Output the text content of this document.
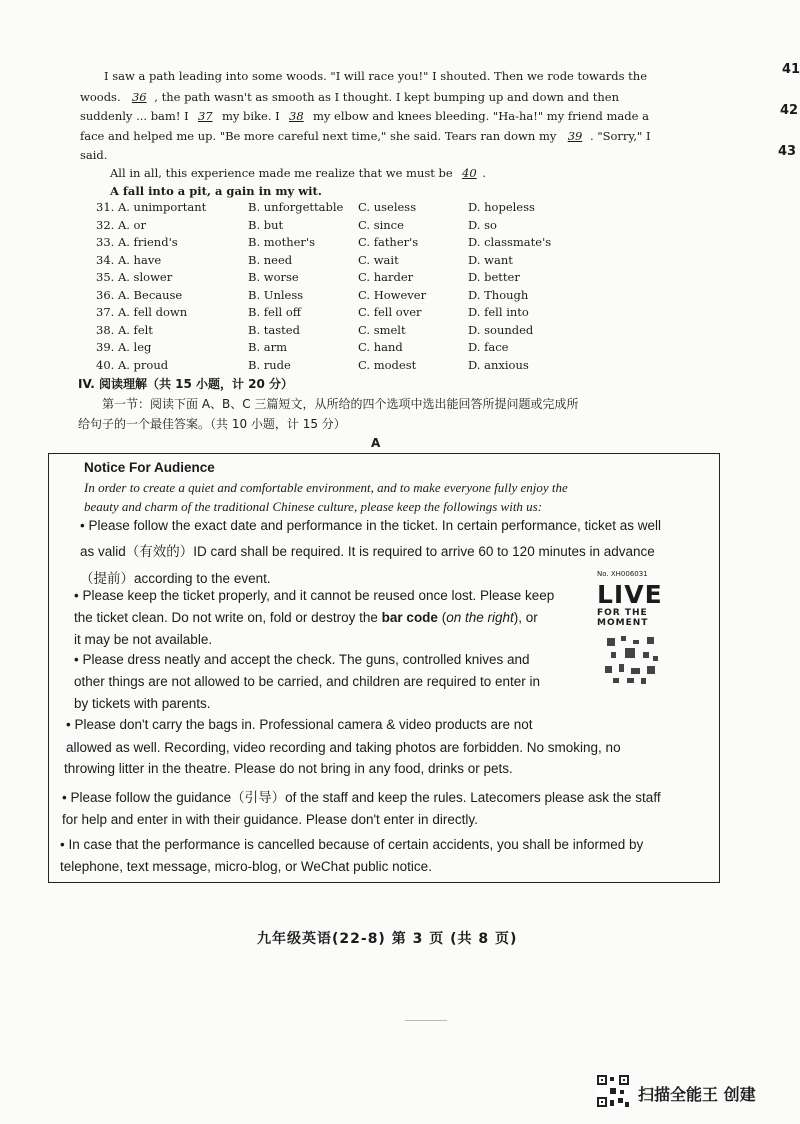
I saw a path leading into some woods. "I will race you!" I shouted. Then we rode towards the
woods. 36 , the path wasn't as smooth as I thought. I kept bumping up and down and then
suddenly ... bam! I 37 my bike. I 38 my elbow and knees bleeding. "Ha-ha!" my friend made a
face and helped me up. "Be more careful next time," she said. Tears ran down my 39 . "Sorry," I
said.
All in all, this experience made me realize that we must be 40 .
A fall into a pit, a gain in my wit.
31. A. unimportant	B. unforgettable C. useless	D. hopeless
32. A. or	B. but	C. since	D. so
33. A. friend's	B. mother's	C. father's	D. classmate's
34. A. have	B. need	C. wait	D. want
35. A. slower	B. worse	C. harder	D. better
36. A. Because	B. Unless	C. However	D. Though
37. A. fell down	B. fell off	C. fell over	D. fell into
38. A. felt	B. tasted	C. smelt	D. sounded
39. A. leg	B. arm	C. hand	D. face
40. A. proud	B. rude	C. modest	D. anxious
IV. 阅读理解（共 15 小题，计 20 分）
第一节：阅读下面 A、B、C 三篇短文，从所给的四个选项中选出能回答所提问题或完成所
给句子的一个最佳答案。（共 10 小题，计 15 分）
A
Notice For Audience
In order to create a quiet and comfortable environment, and to make everyone fully enjoy the
beauty and charm of the traditional Chinese culture, please keep the followings with us:
• Please follow the exact date and performance in the ticket. In certain performance, ticket as well
as valid（有效的）ID card shall be required. It is required to arrive 60 to 120 minutes in advance
（提前）according to the event.
• Please keep the ticket properly, and it cannot be reused once lost. Please keep
the ticket clean. Do not write on, fold or destroy the bar code (on the right), or
it may be not available.
• Please dress neatly and accept the check. The guns, controlled knives and
other things are not allowed to be carried, and children are required to enter in
by tickets with parents.
• Please don't carry the bags in. Professional camera & video products are not
allowed as well. Recording, video recording and taking photos are forbidden. No smoking, no
throwing litter in the theatre. Please do not bring in any food, drinks or pets.
• Please follow the guidance（引导）of the staff and keep the rules. Latecomers please ask the staff
for help and enter in with their guidance. Please don't enter in directly.
• In case that the performance is cancelled because of certain accidents, you shall be informed by
telephone, text message, micro-blog, or WeChat public notice.
No. XH006031
LIVE
FOR THE
MOMENT
九年级英语(22-8) 第 3 页 (共 8 页)
41
42
43
扫描全能王 创建
